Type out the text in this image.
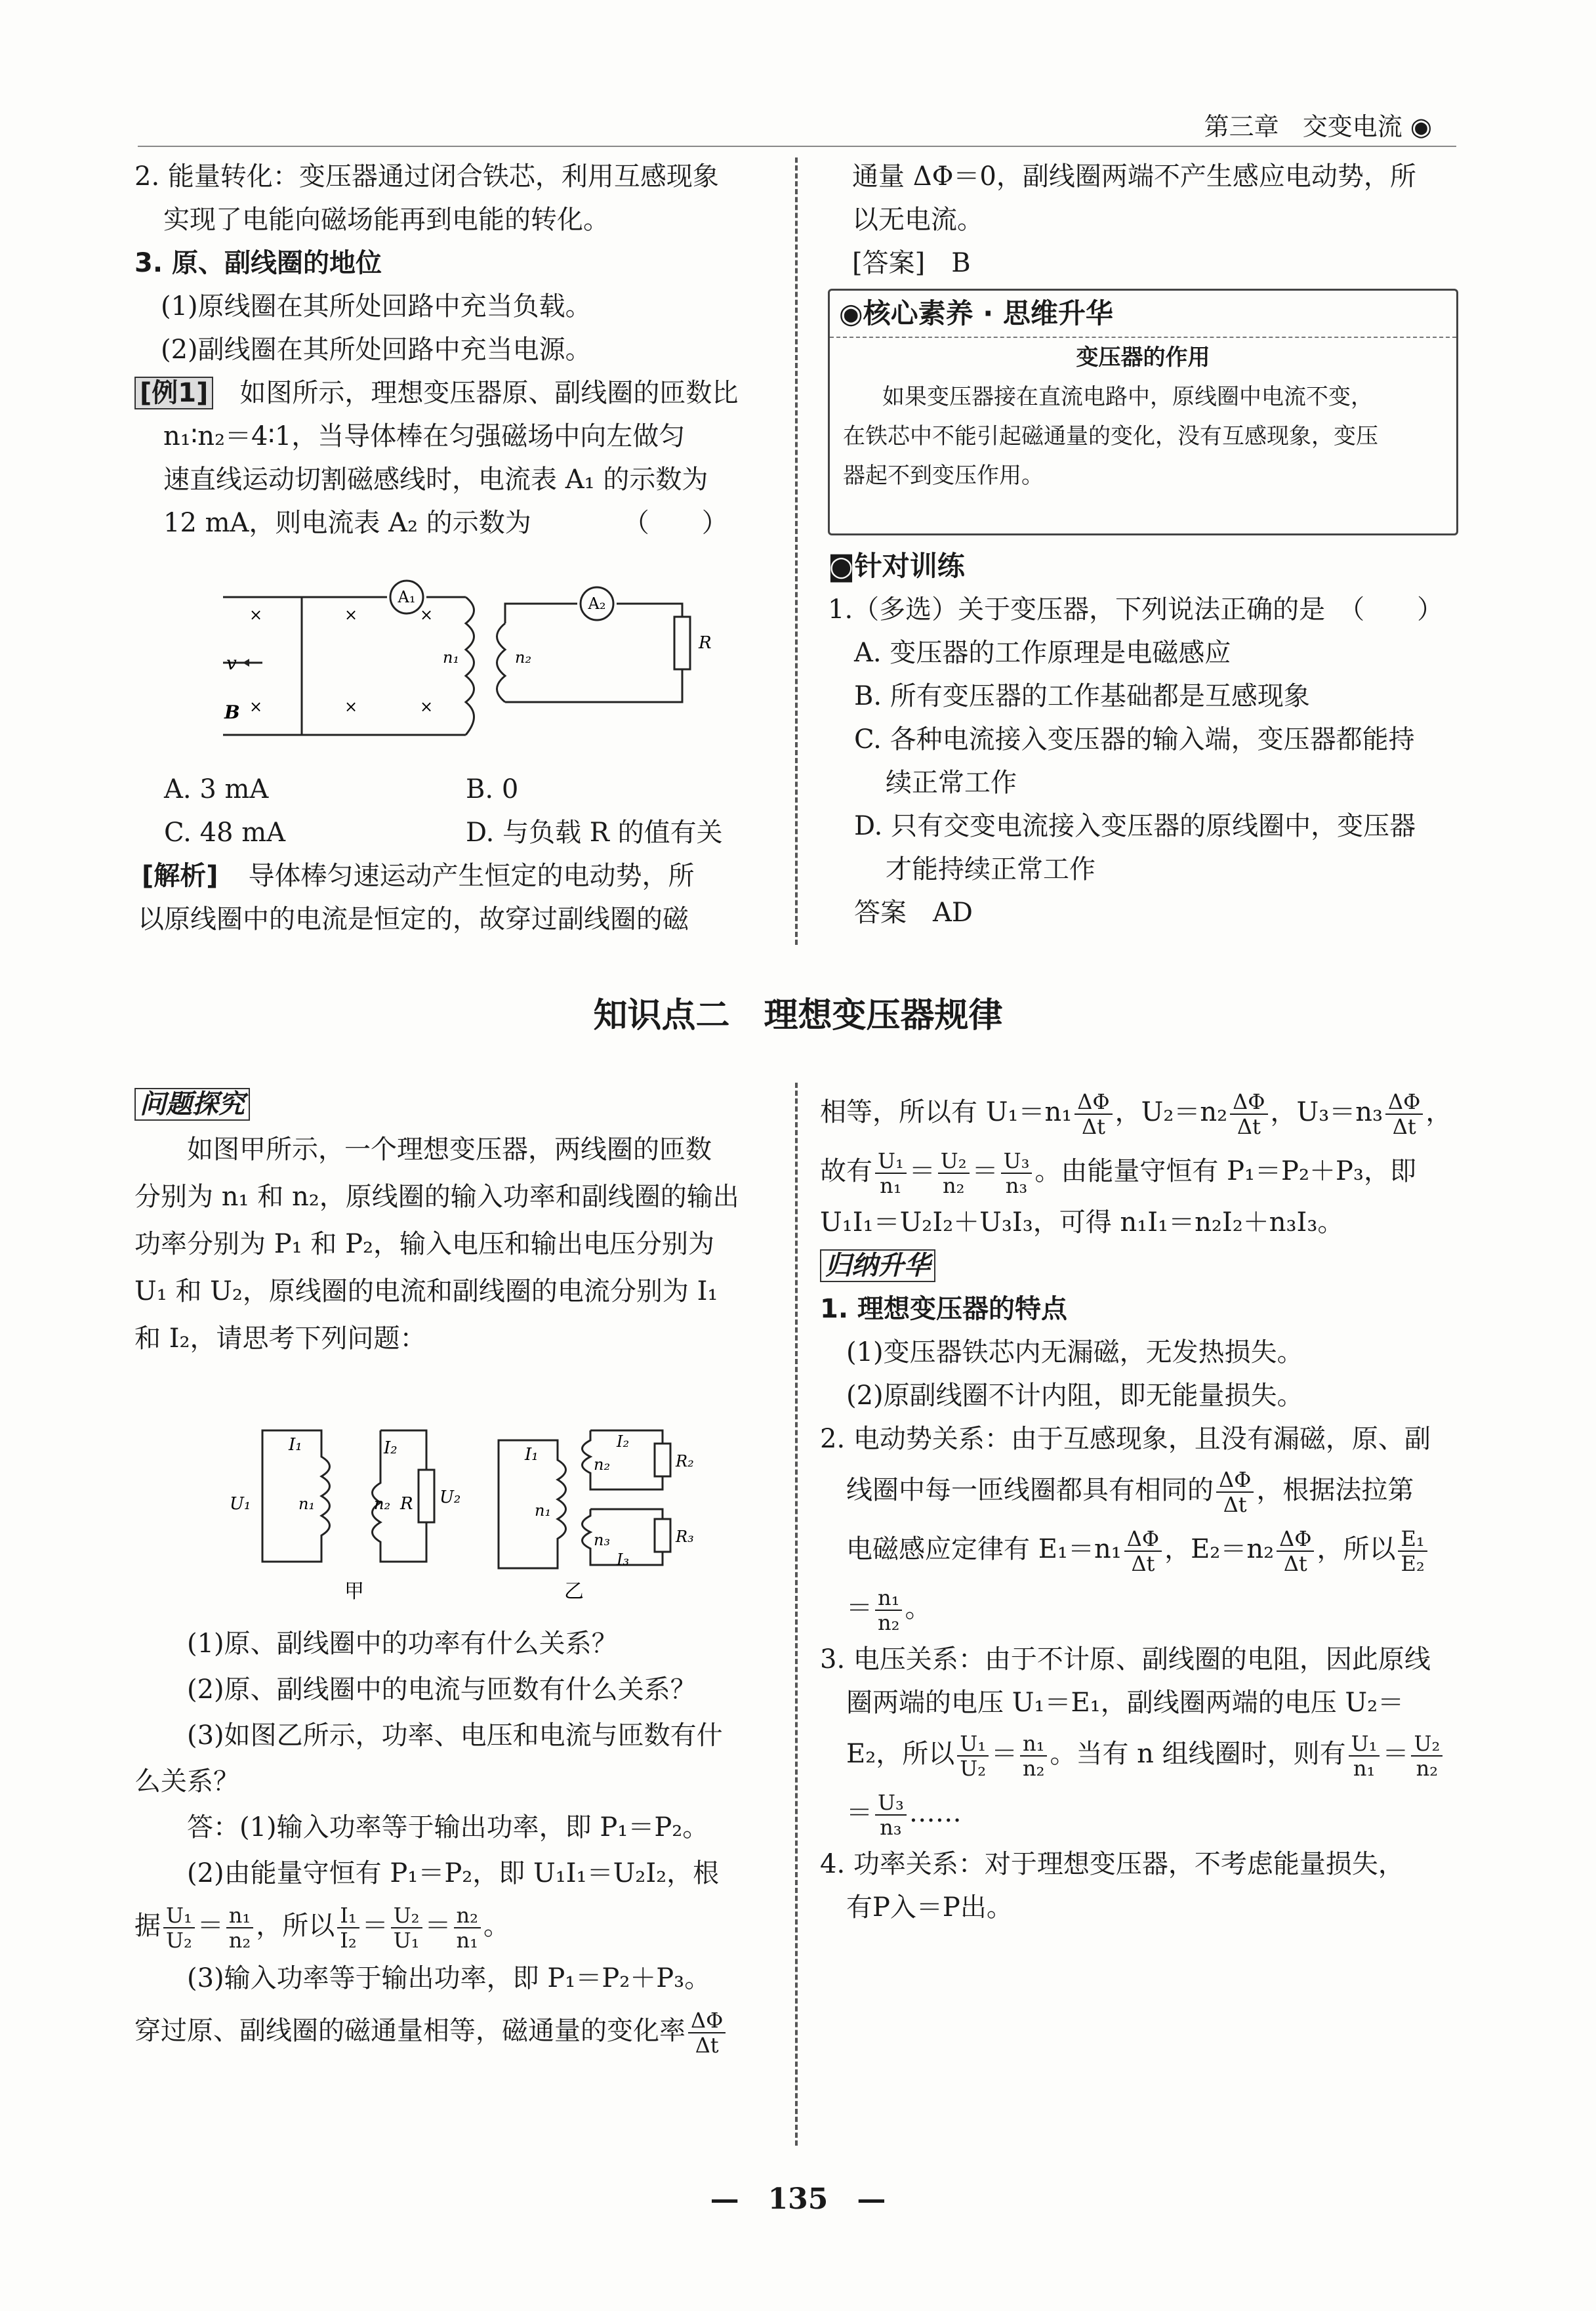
第三章 交变电流 ◉

2. 能量转化：变压器通过闭合铁芯，利用互感现象

实现了电能向磁场能再到电能的转化。

3. 原、副线圈的地位

(1)原线圈在其所处回路中充当负载。

(2)副线圈在其所处回路中充当电源。

[例1]　 如图所示，理想变压器原、副线圈的匝数比

n₁∶n₂＝4∶1，当导体棒在匀强磁场中向左做匀

速直线运动切割磁感线时，电流表 A₁ 的示数为

12 mA，则电流表 A₂ 的示数为　　　　（　　）

A₁	A₂
v
B
n₁	n₂
R
×	×	×
×	×	×

A. 3 mA	B. 0

C. 48 mA	D. 与负载 R 的值有关

[解析]　 导体棒匀速运动产生恒定的电动势，所

以原线圈中的电流是恒定的，故穿过副线圈的磁

通量 ΔΦ＝0，副线圈两端不产生感应电动势，所

以无电流。

[答案]　B

◉核心素养 · 思维升华
变压器的作用

如果变压器接在直流电路中，原线圈中电流不变，

在铁芯中不能引起磁通量的变化，没有互感现象，变压

器起不到变压作用。

◙针对训练

1.（多选）关于变压器，下列说法正确的是　（　　）

A. 变压器的工作原理是电磁感应

B. 所有变压器的工作基础都是互感现象

C. 各种电流接入变压器的输入端，变压器都能持

续正常工作

D. 只有交变电流接入变压器的原线圈中，变压器

才能持续正常工作

答案　AD

知识点二　理想变压器规律

问题探究

如图甲所示，一个理想变压器，两线圈的匝数

分别为 n₁ 和 n₂，原线圈的输入功率和副线圈的输出

功率分别为 P₁ 和 P₂，输入电压和输出电压分别为

U₁ 和 U₂，原线圈的电流和副线圈的电流分别为 I₁

和 I₂，请思考下列问题：

I₁
U₁	n₁
I₂
n₂ R U₂
甲
I₁
n₁
I₂
n₂	R₂
n₃
I₃
R₃
乙

(1)原、副线圈中的功率有什么关系？

(2)原、副线圈中的电流与匝数有什么关系？

(3)如图乙所示，功率、电压和电流与匝数有什

么关系？

答：(1)输入功率等于输出功率，即 P₁＝P₂。

(2)由能量守恒有 P₁＝P₂，即 U₁I₁＝U₂I₂，根

据 $\frac{\text{U₁}}{\text{U₂}} = \frac{\text{n₁}}{\text{n₂}}$ ，所以 $\frac{\text{I₁}}{\text{I₂}} = \frac{\text{U₂}}{\text{U₁}} = \frac{\text{n₂}}{\text{n₁}}$ 。

(3)输入功率等于输出功率，即 P₁＝P₂＋P₃。

穿过原、副线圈的磁通量相等，磁通量的变化率 $\frac{\Delta\Phi}{\Delta t}$

相等，所以有 $U_1=n_1 \frac{\Delta\Phi}{\Delta t}$ ，$U_2=n_2 \frac{\Delta\Phi}{\Delta t}$ ，$U_3=n_3 \frac{\Delta\Phi}{\Delta t}$ ，

故有 $\frac{\text{U₁}}{\text{n₁}} = \frac{\text{U₂}}{\text{n₂}} = \frac{\text{U₃}}{\text{n₃}}$ 。由能量守恒有 P₁＝P₂＋P₃，即

U₁I₁＝U₂I₂＋U₃I₃，可得 n₁I₁＝n₂I₂＋n₃I₃。

归纳升华

1. 理想变压器的特点

(1)变压器铁芯内无漏磁，无发热损失。

(2)原副线圈不计内阻，即无能量损失。

2. 电动势关系：由于互感现象，且没有漏磁，原、副

线圈中每一匝线圈都具有相同的 $\frac{\Delta\Phi}{\Delta t}$ ，根据法拉第

电磁感应定律有 $E_1=n_1 \frac{\Delta\Phi}{\Delta t}$ ，$E_2=n_2 \frac{\Delta\Phi}{\Delta t}$ ，所以 $\frac{\text{E₁}}{\text{E₂}}$

＝ $\frac{\text{n₁}}{\text{n₂}}$ 。

3. 电压关系：由于不计原、副线圈的电阻，因此原线

圈两端的电压 U₁＝E₁，副线圈两端的电压 U₂＝

E₂，所以 $\frac{\text{U₁}}{\text{U₂}} = \frac{\text{n₁}}{\text{n₂}}$ 。当有 n 组线圈时，则有 $\frac{\text{U₁}}{\text{n₁}} = \frac{\text{U₂}}{\text{n₂}}$

＝ $\frac{\text{U₃}}{\text{n₃}}$ ……

4. 功率关系：对于理想变压器，不考虑能量损失，

有P入＝P出。

—　135　—
